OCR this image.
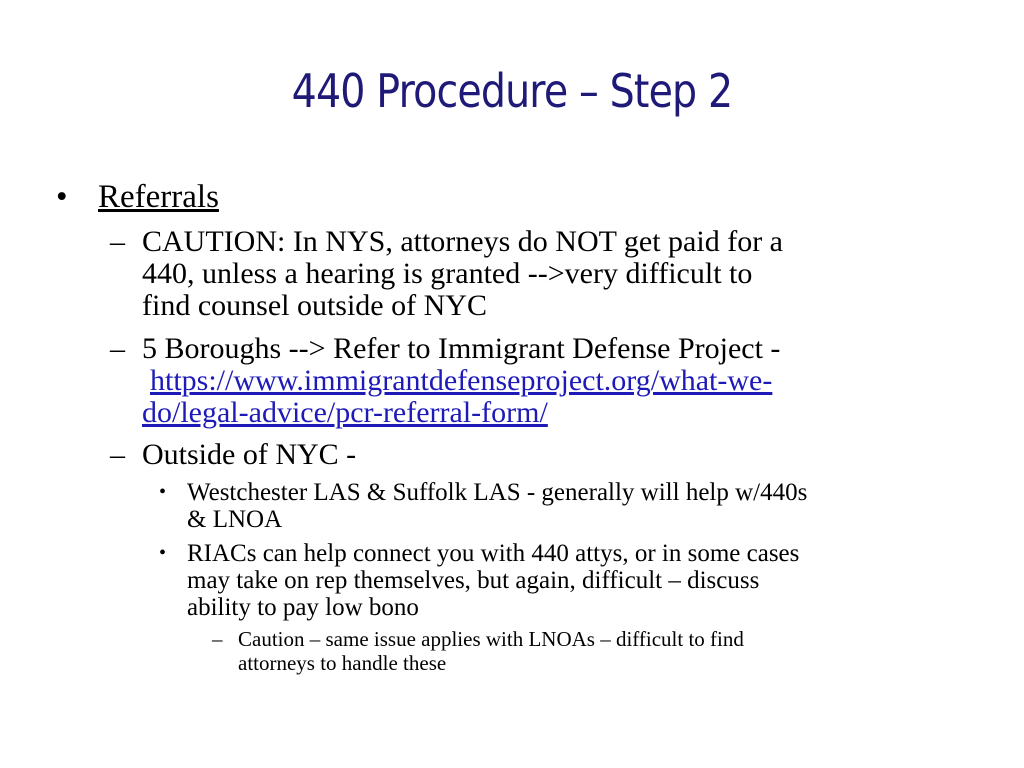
440 Procedure – Step 2
• Referrals
– CAUTION: In NYS, attorneys do NOT get paid for a
440, unless a hearing is granted -->very difficult to
find counsel outside of NYC
– 5 Boroughs --> Refer to Immigrant Defense Project -
https://www.immigrantdefenseproject.org/what-we-
do/legal-advice/pcr-referral-form/
– Outside of NYC -
• Westchester LAS & Suffolk LAS - generally will help w/440s
& LNOA
• RIACs can help connect you with 440 attys, or in some cases
may take on rep themselves, but again, difficult – discuss
ability to pay low bono
– Caution – same issue applies with LNOAs – difficult to find
attorneys to handle these
